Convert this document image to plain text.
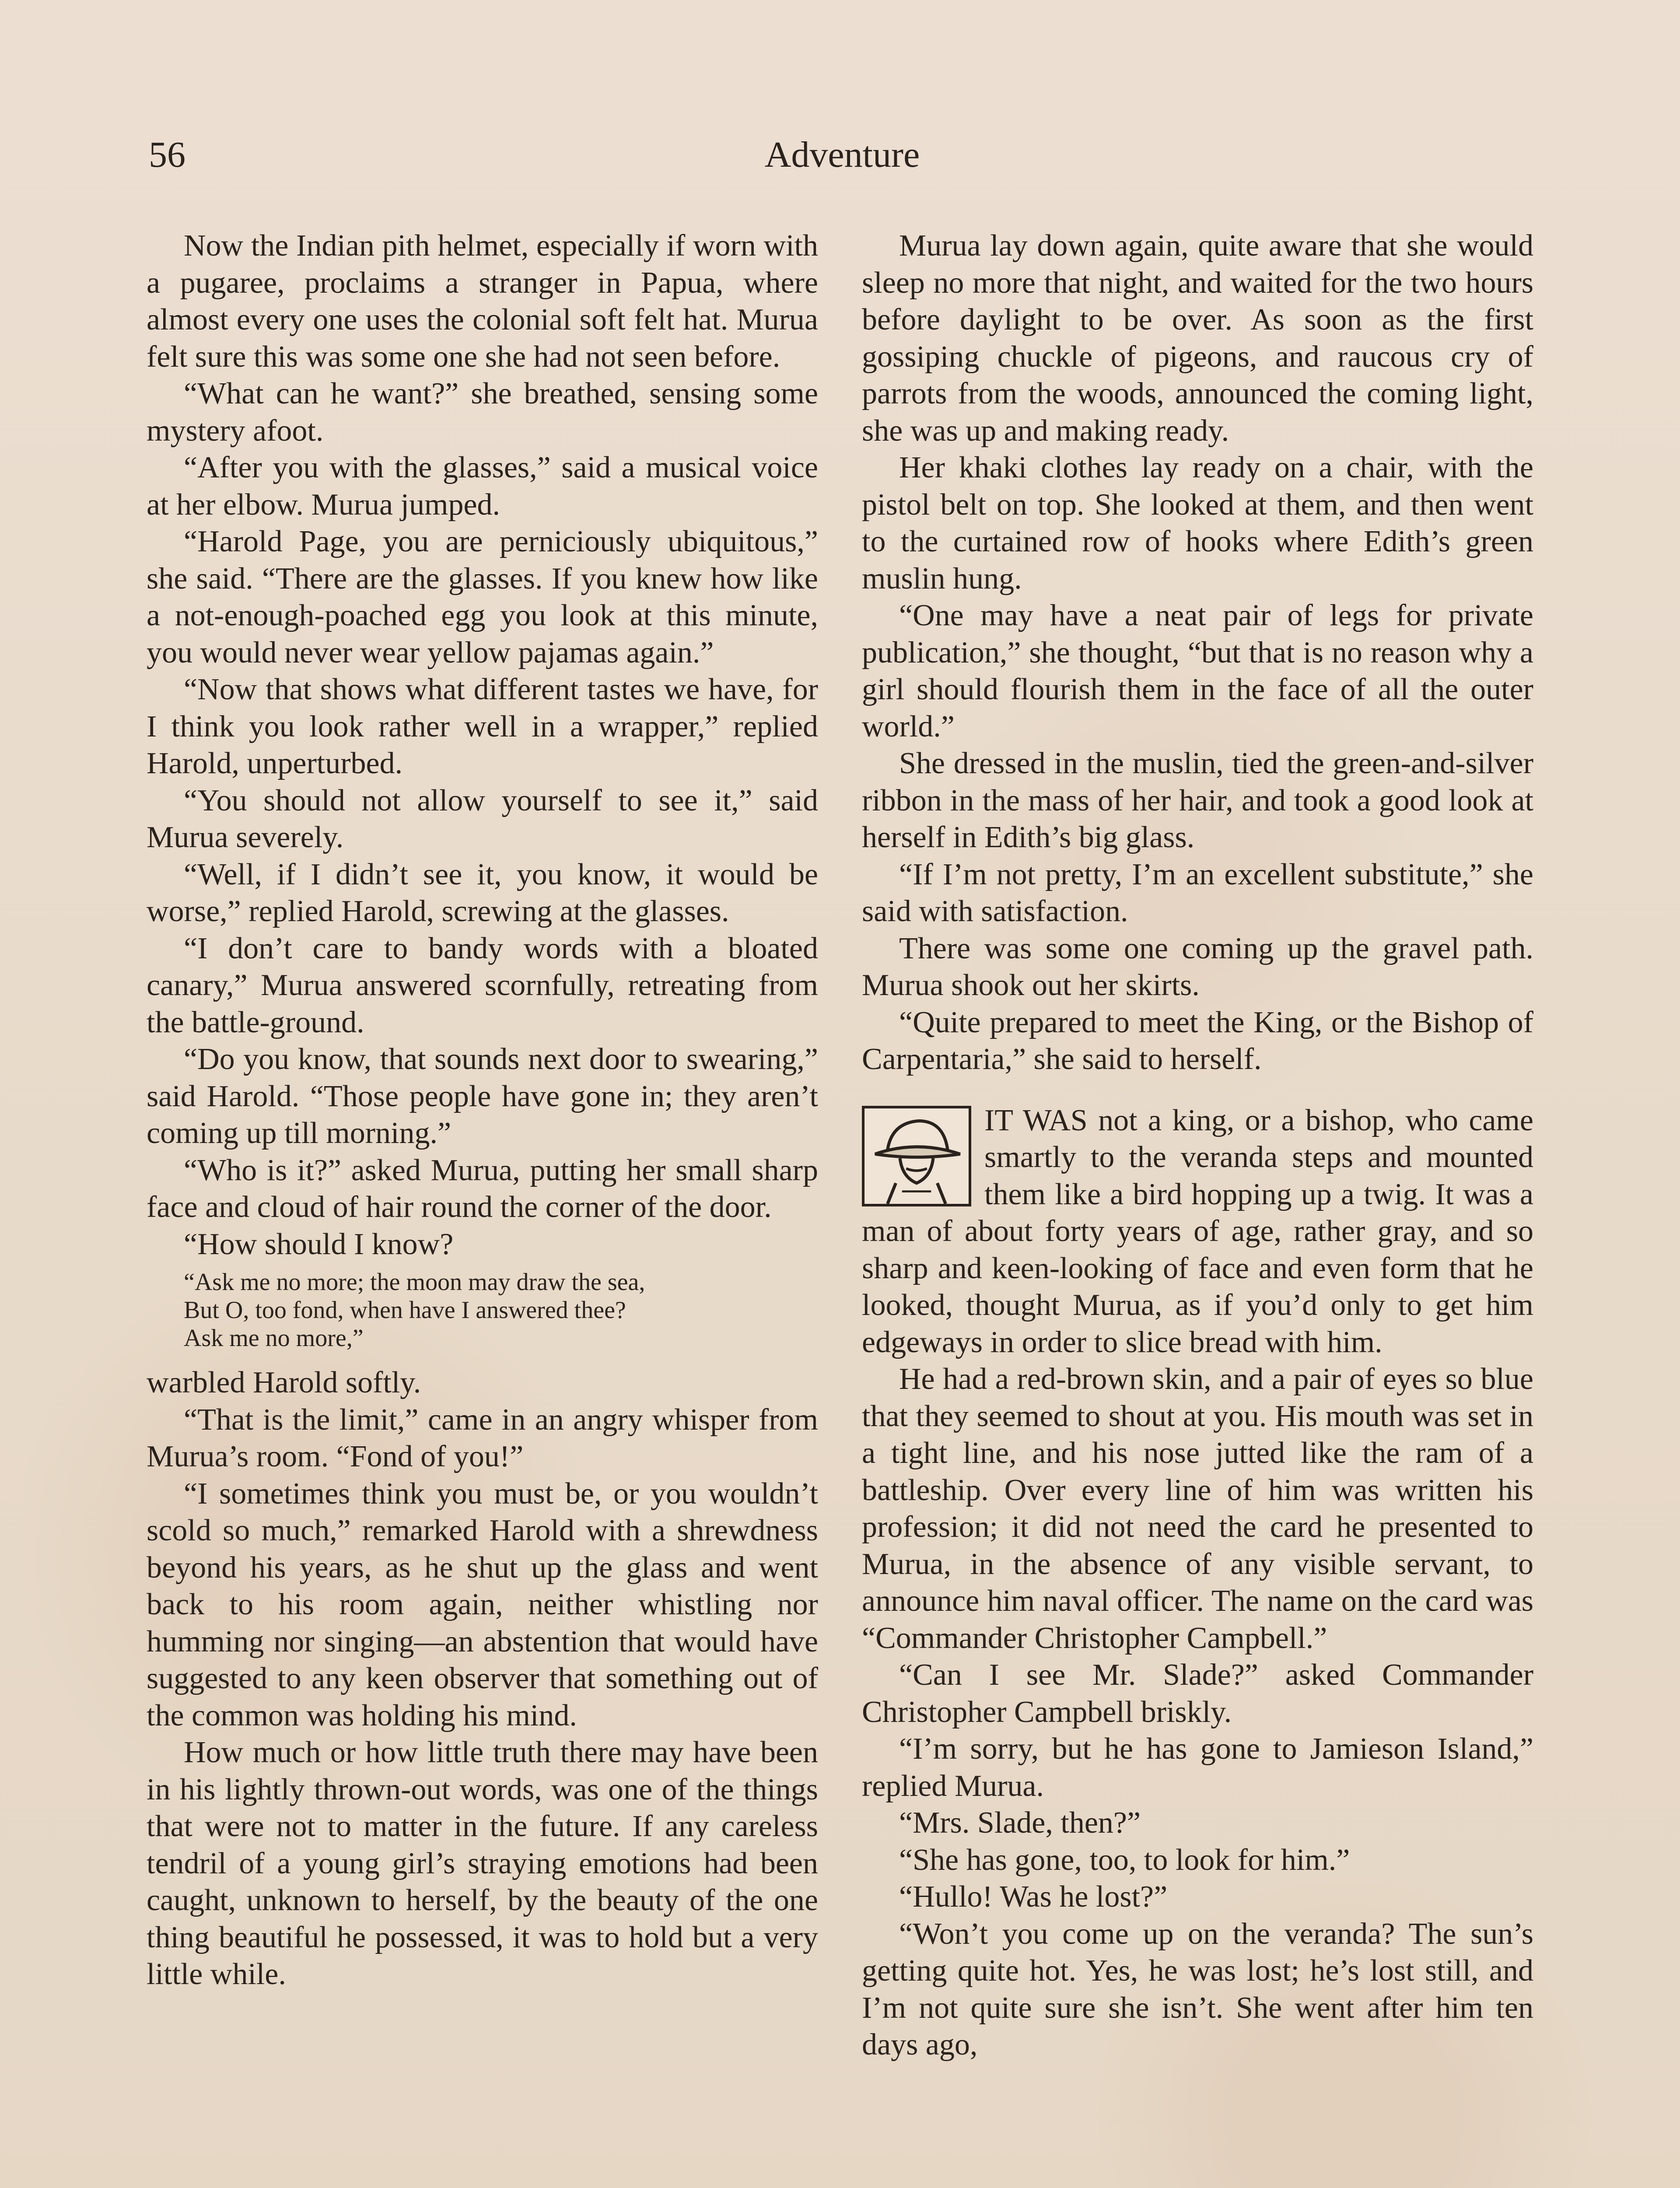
56	Adventure

Now the Indian pith helmet, especially if worn with a pugaree, proclaims a stranger in Papua, where almost every one uses the colonial soft felt hat. Murua felt sure this was some one she had not seen before.

“What can he want?” she breathed, sensing some mystery afoot.

“After you with the glasses,” said a musical voice at her elbow. Murua jumped.

“Harold Page, you are perniciously ubiquitous,” she said. “There are the glasses. If you knew how like a not-enough-poached egg you look at this minute, you would never wear yellow pajamas again.”

“Now that shows what different tastes we have, for I think you look rather well in a wrapper,” replied Harold, unperturbed.

“You should not allow yourself to see it,” said Murua severely.

“Well, if I didn’t see it, you know, it would be worse,” replied Harold, screwing at the glasses.

“I don’t care to bandy words with a bloated canary,” Murua answered scornfully, retreating from the battle-ground.

“Do you know, that sounds next door to swearing,” said Harold. “Those people have gone in; they aren’t coming up till morning.”

“Who is it?” asked Murua, putting her small sharp face and cloud of hair round the corner of the door.

“How should I know?

“Ask me no more; the moon may draw the sea,
But O, too fond, when have I answered thee?
Ask me no more,”

warbled Harold softly.

“That is the limit,” came in an angry whisper from Murua’s room. “Fond of you!”

“I sometimes think you must be, or you wouldn’t scold so much,” remarked Harold with a shrewdness beyond his years, as he shut up the glass and went back to his room again, neither whistling nor humming nor singing—an abstention that would have suggested to any keen observer that something out of the common was holding his mind.

How much or how little truth there may have been in his lightly thrown-out words, was one of the things that were not to matter in the future. If any careless tendril of a young girl’s straying emotions had been caught, unknown to herself, by the beauty of the one thing beautiful he possessed, it was to hold but a very little while.

Murua lay down again, quite aware that she would sleep no more that night, and waited for the two hours before daylight to be over. As soon as the first gossiping chuckle of pigeons, and raucous cry of parrots from the woods, announced the coming light, she was up and making ready.

Her khaki clothes lay ready on a chair, with the pistol belt on top. She looked at them, and then went to the curtained row of hooks where Edith’s green muslin hung.

“One may have a neat pair of legs for private publication,” she thought, “but that is no reason why a girl should flourish them in the face of all the outer world.”

She dressed in the muslin, tied the green-and-silver ribbon in the mass of her hair, and took a good look at herself in Edith’s big glass.

“If I’m not pretty, I’m an excellent substitute,” she said with satisfaction.

There was some one coming up the gravel path. Murua shook out her skirts.

“Quite prepared to meet the King, or the Bishop of Carpentaria,” she said to herself.

IT WAS not a king, or a bishop, who came smartly to the veranda steps and mounted them like a bird hopping up a twig. It was a man of about forty years of age, rather gray, and so sharp and keen-looking of face and even form that he looked, thought Murua, as if you’d only to get him edgeways in order to slice bread with him.

He had a red-brown skin, and a pair of eyes so blue that they seemed to shout at you. His mouth was set in a tight line, and his nose jutted like the ram of a battleship. Over every line of him was written his profession; it did not need the card he presented to Murua, in the absence of any visible servant, to announce him naval officer. The name on the card was “Commander Christopher Campbell.”

“Can I see Mr. Slade?” asked Commander Christopher Campbell briskly.

“I’m sorry, but he has gone to Jamieson Island,” replied Murua.

“Mrs. Slade, then?”

“She has gone, too, to look for him.”

“Hullo! Was he lost?”

“Won’t you come up on the veranda? The sun’s getting quite hot. Yes, he was lost; he’s lost still, and I’m not quite sure she isn’t. She went after him ten days ago,
